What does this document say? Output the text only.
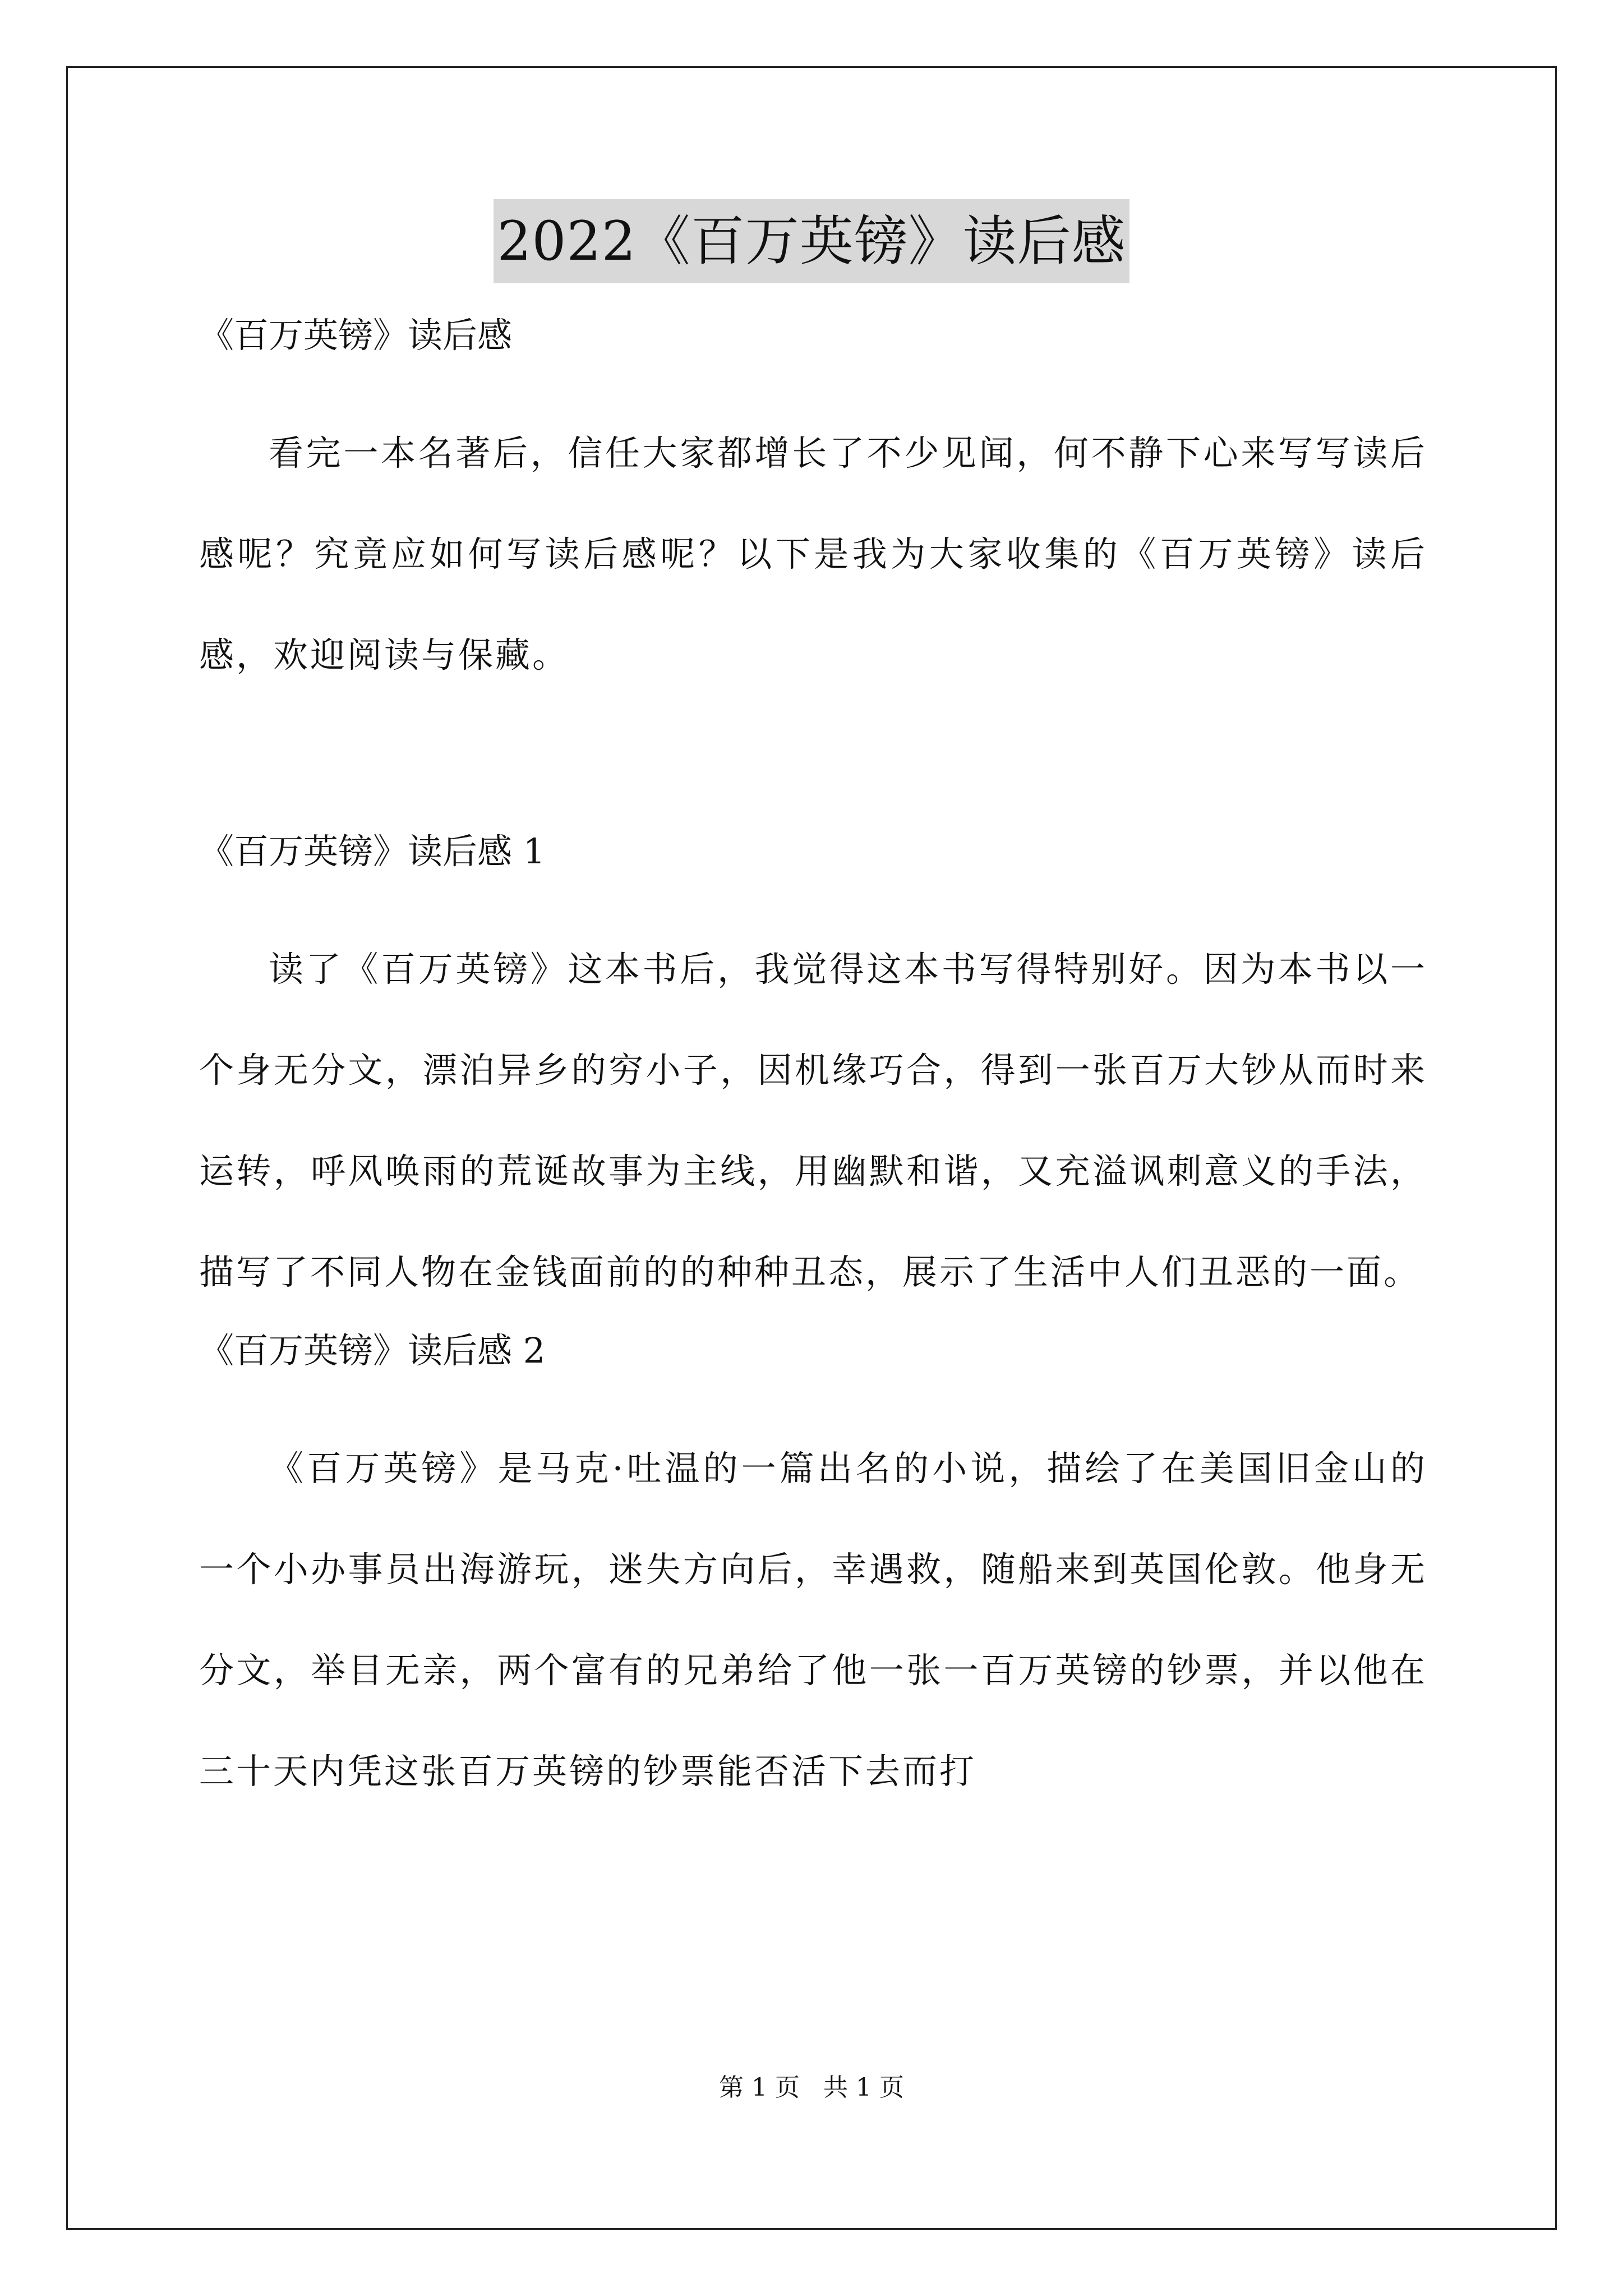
2022《百万英镑》读后感

《百万英镑》读后感

看完一本名著后，信任大家都增长了不少见闻，何不静下心来写写读后感呢？究竟应如何写读后感呢？以下是我为大家收集的《百万英镑》读后感，欢迎阅读与保藏。

《百万英镑》读后感 1

读了《百万英镑》这本书后，我觉得这本书写得特别好。因为本书以一个身无分文，漂泊异乡的穷小子，因机缘巧合，得到一张百万大钞从而时来运转，呼风唤雨的荒诞故事为主线，用幽默和谐，又充溢讽刺意义的手法，描写了不同人物在金钱面前的的种种丑态，展示了生活中人们丑恶的一面。

《百万英镑》读后感 2

《百万英镑》是马克·吐温的一篇出名的小说，描绘了在美国旧金山的一个小办事员出海游玩，迷失方向后，幸遇救，随船来到英国伦敦。他身无分文，举目无亲，两个富有的兄弟给了他一张一百万英镑的钞票，并以他在三十天内凭这张百万英镑的钞票能否活下去而打

第 1 页   共 1 页
